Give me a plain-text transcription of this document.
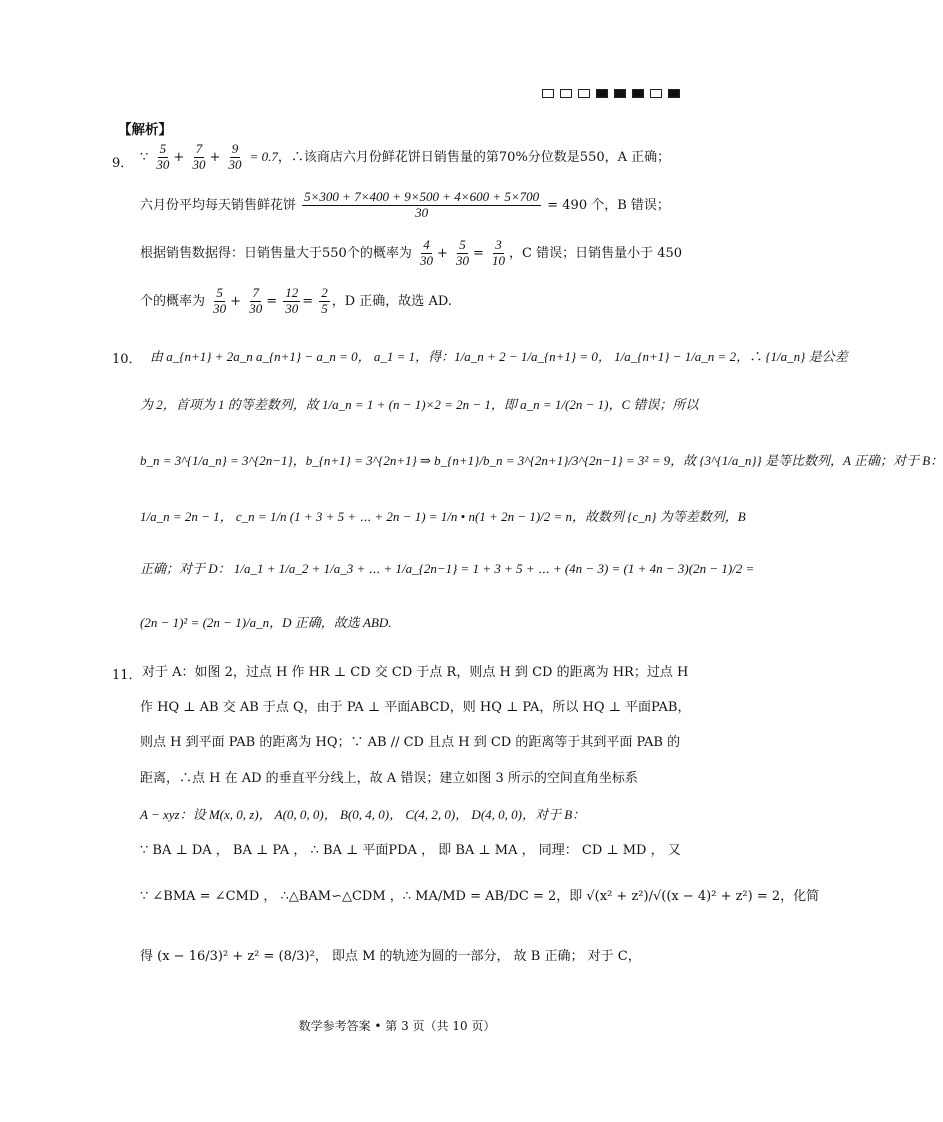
【解析】
9． ∵ $\frac{5}{30} + \frac{7}{30} + \frac{9}{30} = 0.7$，∴该商店六月份鲜花饼日销售量的第70%分位数是550，A 正确；
六月份平均每天销售鲜花饼 $\frac{5\times 300 + 7\times 400 + 9\times 500 + 4\times 600 + 5\times 700}{30} = 490$ 个，B 错误；
根据销售数据得：日销售量大于550个的概率为 $\frac{4}{30} + \frac{5}{30} = \frac{3}{10}$ ，C 错误；日销售量小于 450
个的概率为 $\frac{5}{30} + \frac{7}{30} = \frac{12}{30} = \frac{2}{5}$ ，D 正确，故选 AD.
10． 由 a_{n+1} + 2a_n a_{n+1} − a_n = 0， a_1 = 1，得：1/a_n + 2 − 1/a_{n+1} = 0， 1/a_{n+1} − 1/a_n = 2，∴ {1/a_n} 是公差
为 2，首项为 1 的等差数列，故 1/a_n = 1 + (n − 1)×2 = 2n − 1，即 a_n = 1/(2n − 1)，C 错误；所以
b_n = 3^{1/a_n} = 3^{2n−1}，b_{n+1} = 3^{2n+1} ⇒ b_{n+1}/b_n = 3^{2n+1}/3^{2n−1} = 3² = 9，故 {3^{1/a_n}} 是等比数列，A 正确；对于 B：
1/a_n = 2n − 1， c_n = 1/n (1 + 3 + 5 + ⋯ + 2n − 1) = 1/n • n(1 + 2n − 1)/2 = n，故数列 {c_n} 为等差数列，B
正确；对于 D： 1/a_1 + 1/a_2 + 1/a_3 + ⋯ + 1/a_{2n−1} = 1 + 3 + 5 + ⋯ + (4n − 3) = (1 + 4n − 3)(2n − 1)/2 =
(2n − 1)² = (2n − 1)/a_n，D 正确，故选 ABD.
11． 对于 A：如图 2，过点 H 作 HR ⊥ CD 交 CD 于点 R，则点 H 到 CD 的距离为 HR；过点 H
作 HQ ⊥ AB 交 AB 于点 Q，由于 PA ⊥ 平面ABCD，则 HQ ⊥ PA，所以 HQ ⊥ 平面PAB，
则点 H 到平面 PAB 的距离为 HQ；∵ AB // CD 且点 H 到 CD 的距离等于其到平面 PAB 的
距离，∴点 H 在 AD 的垂直平分线上，故 A 错误；建立如图 3 所示的空间直角坐标系
A − xyz：设 M(x, 0, z)， A(0, 0, 0)， B(0, 4, 0)， C(4, 2, 0)， D(4, 0, 0)，对于 B：
∵ BA ⊥ DA ， BA ⊥ PA ， ∴ BA ⊥ 平面PDA ， 即 BA ⊥ MA ， 同理： CD ⊥ MD ， 又
∵ ∠BMA = ∠CMD ， ∴△BAM∽△CDM ，∴ MA/MD = AB/DC = 2，即 √(x² + z²)/√((x − 4)² + z²) = 2，化简
得 (x − 16/3)² + z² = (8/3)²， 即点 M 的轨迹为圆的一部分， 故 B 正确； 对于 C，
数学参考答案 • 第 3 页（共 10 页）
